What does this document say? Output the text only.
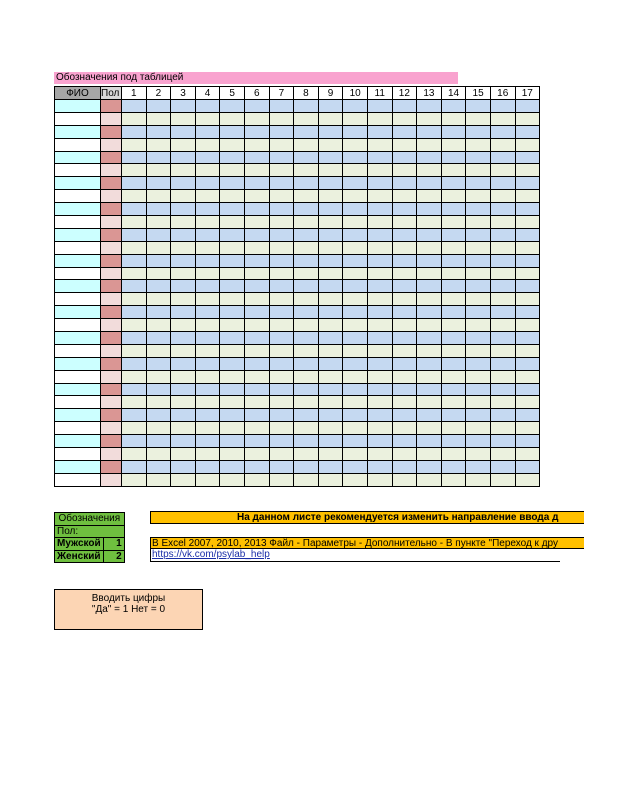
Обозначения под таблицей
ФИО	Пол	1	2	3	4	5	6	7	8	9	10	11	12	13	14	15	16	17

Обозначения	
Пол:	
Мужской	1
Женский	2
На данном листе рекомендуется изменить направление ввода д
В Excel 2007, 2010, 2013 Файл - Параметры - Дополнительно - В пункте "Переход к дру
https://vk.com/psylab_help
Вводить цифры
"Да" = 1 Нет = 0
